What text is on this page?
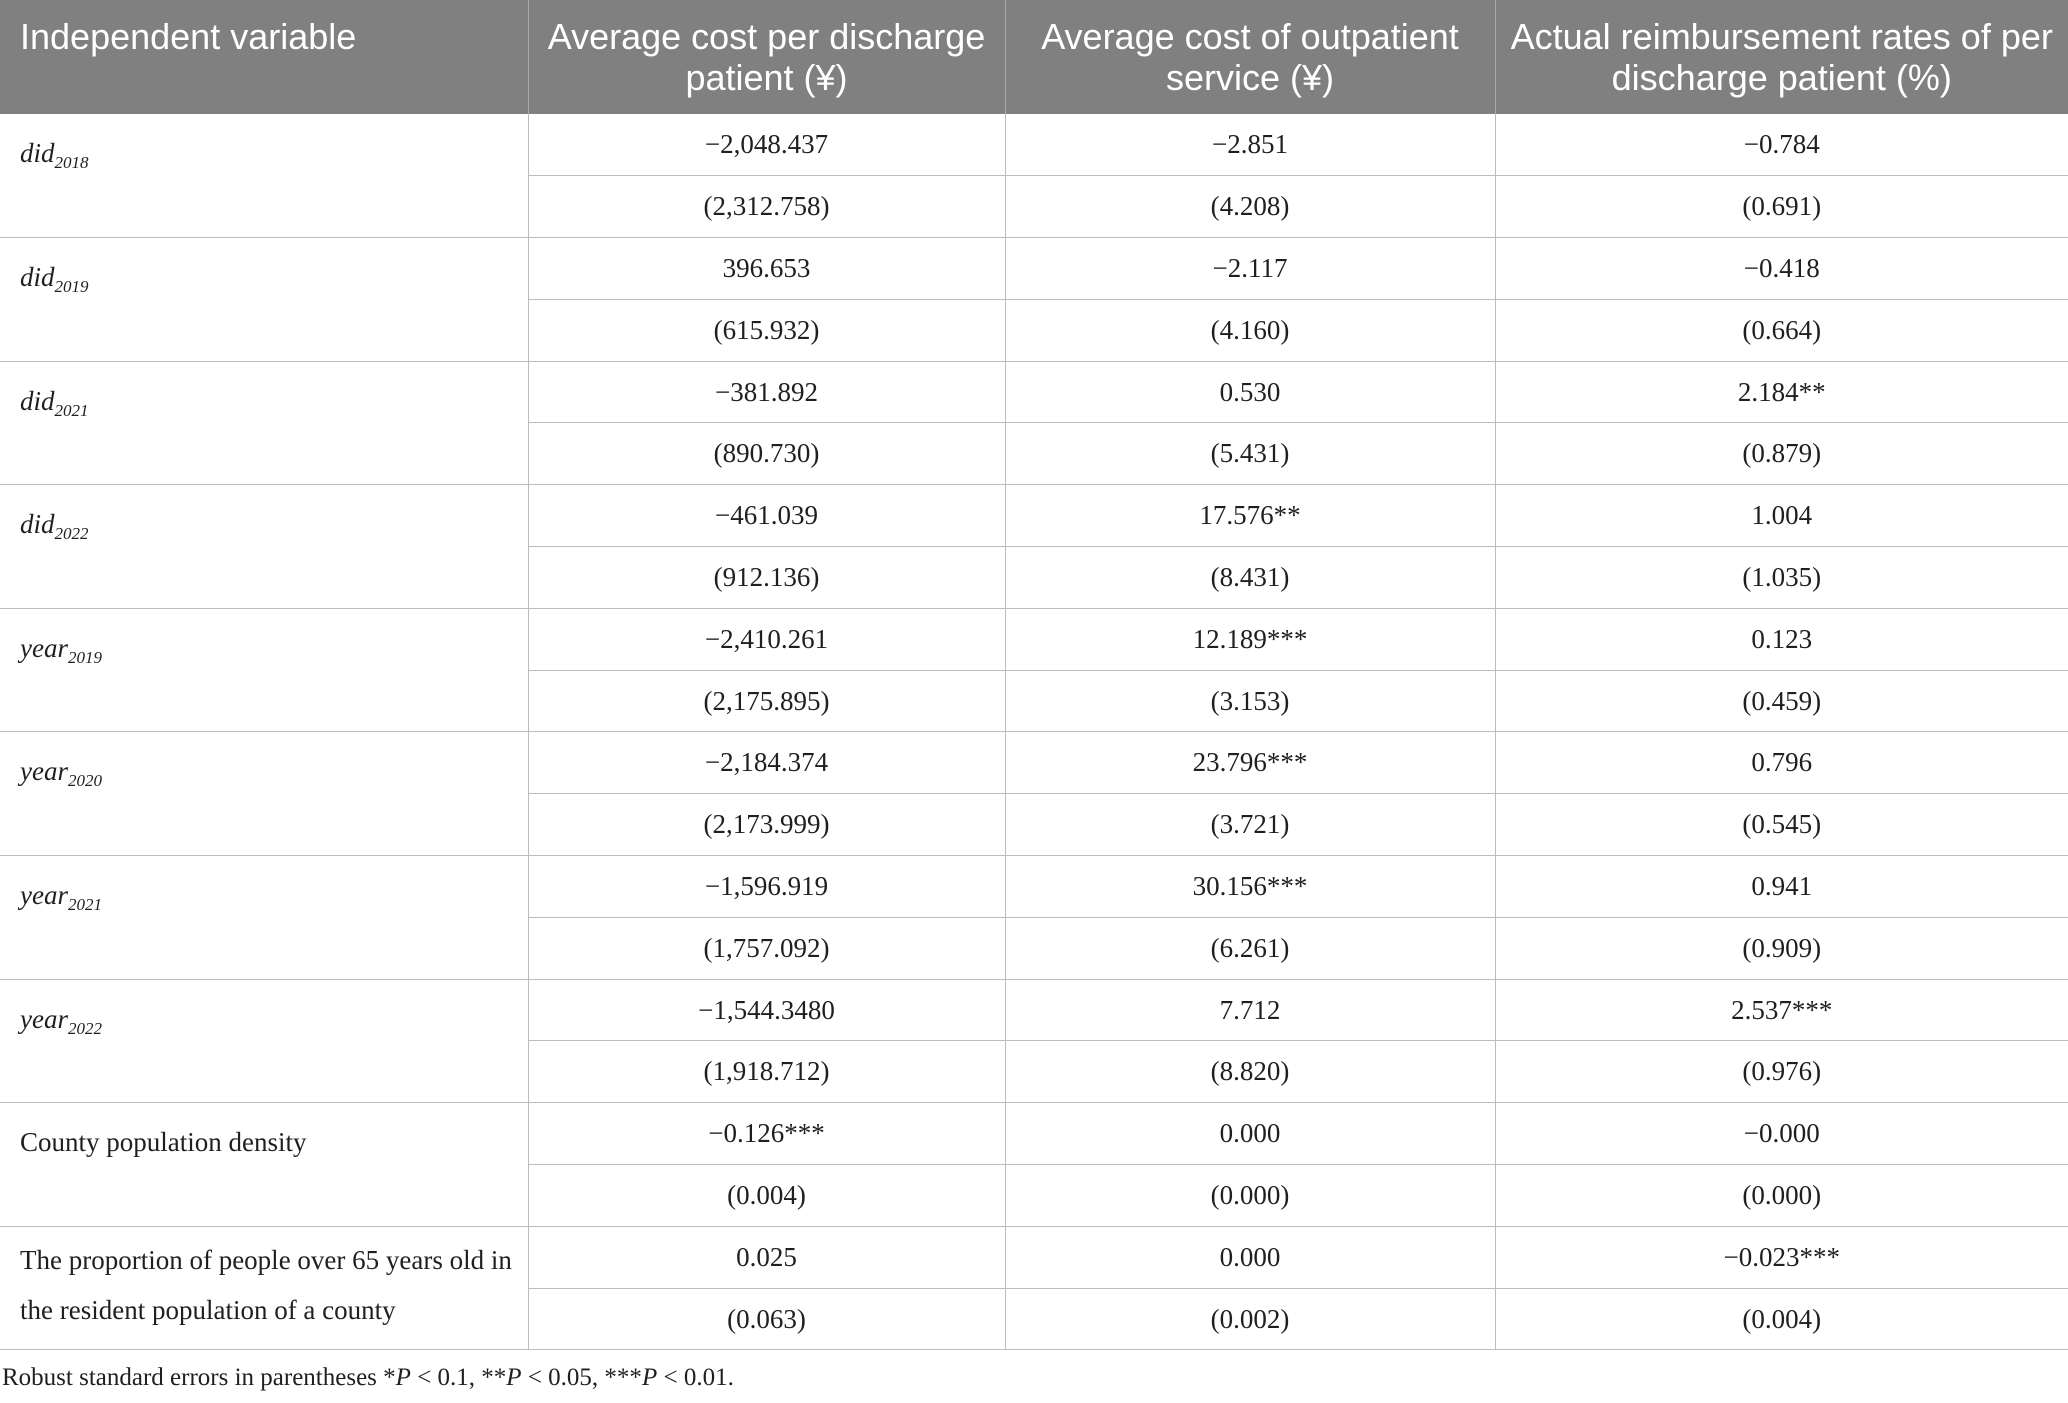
Independent variable	Average cost per discharge patient (¥)	Average cost of outpatient service (¥)	Actual reimbursement rates of per discharge patient (%)
did$_{2018}$	−2,048.437	−2.851	−0.784
	(2,312.758)	(4.208)	(0.691)
did$_{2019}$	396.653	−2.117	−0.418
	(615.932)	(4.160)	(0.664)
did$_{2021}$	−381.892	0.530	2.184**
	(890.730)	(5.431)	(0.879)
did$_{2022}$	−461.039	17.576**	1.004
	(912.136)	(8.431)	(1.035)
year$_{2019}$	−2,410.261	12.189***	0.123
	(2,175.895)	(3.153)	(0.459)
year$_{2020}$	−2,184.374	23.796***	0.796
	(2,173.999)	(3.721)	(0.545)
year$_{2021}$	−1,596.919	30.156***	0.941
	(1,757.092)	(6.261)	(0.909)
year$_{2022}$	−1,544.3480	7.712	2.537***
	(1,918.712)	(8.820)	(0.976)
County population density	−0.126***	0.000	−0.000
	(0.004)	(0.000)	(0.000)
The proportion of people over 65 years old in the resident population of a county	0.025	0.000	−0.023***
	(0.063)	(0.002)	(0.004)

Robust standard errors in parentheses *P < 0.1, **P < 0.05, ***P < 0.01.
